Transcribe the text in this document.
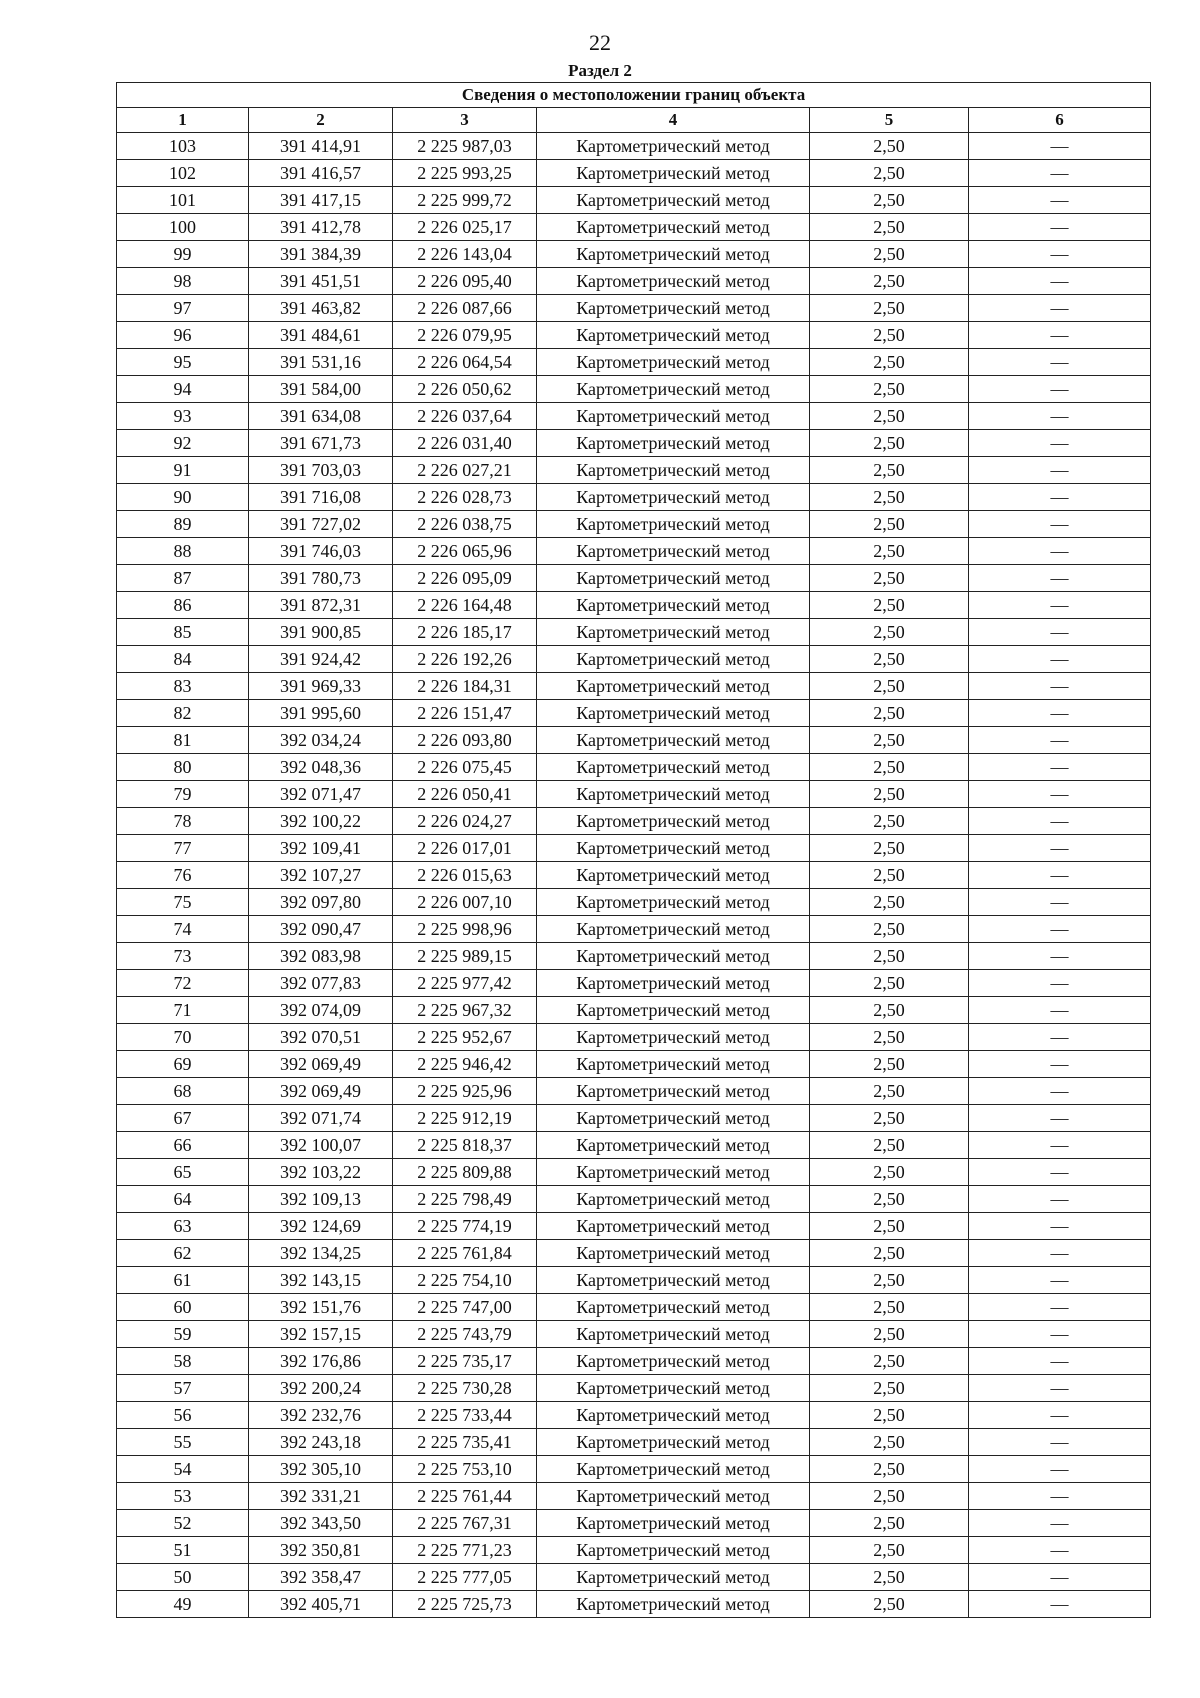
22
Раздел 2
Сведения о местоположении границ объекта					
1	2	3	4	5	6
103	391 414,91	2 225 987,03	Картометрический метод	2,50	—
102	391 416,57	2 225 993,25	Картометрический метод	2,50	—
101	391 417,15	2 225 999,72	Картометрический метод	2,50	—
100	391 412,78	2 226 025,17	Картометрический метод	2,50	—
99	391 384,39	2 226 143,04	Картометрический метод	2,50	—
98	391 451,51	2 226 095,40	Картометрический метод	2,50	—
97	391 463,82	2 226 087,66	Картометрический метод	2,50	—
96	391 484,61	2 226 079,95	Картометрический метод	2,50	—
95	391 531,16	2 226 064,54	Картометрический метод	2,50	—
94	391 584,00	2 226 050,62	Картометрический метод	2,50	—
93	391 634,08	2 226 037,64	Картометрический метод	2,50	—
92	391 671,73	2 226 031,40	Картометрический метод	2,50	—
91	391 703,03	2 226 027,21	Картометрический метод	2,50	—
90	391 716,08	2 226 028,73	Картометрический метод	2,50	—
89	391 727,02	2 226 038,75	Картометрический метод	2,50	—
88	391 746,03	2 226 065,96	Картометрический метод	2,50	—
87	391 780,73	2 226 095,09	Картометрический метод	2,50	—
86	391 872,31	2 226 164,48	Картометрический метод	2,50	—
85	391 900,85	2 226 185,17	Картометрический метод	2,50	—
84	391 924,42	2 226 192,26	Картометрический метод	2,50	—
83	391 969,33	2 226 184,31	Картометрический метод	2,50	—
82	391 995,60	2 226 151,47	Картометрический метод	2,50	—
81	392 034,24	2 226 093,80	Картометрический метод	2,50	—
80	392 048,36	2 226 075,45	Картометрический метод	2,50	—
79	392 071,47	2 226 050,41	Картометрический метод	2,50	—
78	392 100,22	2 226 024,27	Картометрический метод	2,50	—
77	392 109,41	2 226 017,01	Картометрический метод	2,50	—
76	392 107,27	2 226 015,63	Картометрический метод	2,50	—
75	392 097,80	2 226 007,10	Картометрический метод	2,50	—
74	392 090,47	2 225 998,96	Картометрический метод	2,50	—
73	392 083,98	2 225 989,15	Картометрический метод	2,50	—
72	392 077,83	2 225 977,42	Картометрический метод	2,50	—
71	392 074,09	2 225 967,32	Картометрический метод	2,50	—
70	392 070,51	2 225 952,67	Картометрический метод	2,50	—
69	392 069,49	2 225 946,42	Картометрический метод	2,50	—
68	392 069,49	2 225 925,96	Картометрический метод	2,50	—
67	392 071,74	2 225 912,19	Картометрический метод	2,50	—
66	392 100,07	2 225 818,37	Картометрический метод	2,50	—
65	392 103,22	2 225 809,88	Картометрический метод	2,50	—
64	392 109,13	2 225 798,49	Картометрический метод	2,50	—
63	392 124,69	2 225 774,19	Картометрический метод	2,50	—
62	392 134,25	2 225 761,84	Картометрический метод	2,50	—
61	392 143,15	2 225 754,10	Картометрический метод	2,50	—
60	392 151,76	2 225 747,00	Картометрический метод	2,50	—
59	392 157,15	2 225 743,79	Картометрический метод	2,50	—
58	392 176,86	2 225 735,17	Картометрический метод	2,50	—
57	392 200,24	2 225 730,28	Картометрический метод	2,50	—
56	392 232,76	2 225 733,44	Картометрический метод	2,50	—
55	392 243,18	2 225 735,41	Картометрический метод	2,50	—
54	392 305,10	2 225 753,10	Картометрический метод	2,50	—
53	392 331,21	2 225 761,44	Картометрический метод	2,50	—
52	392 343,50	2 225 767,31	Картометрический метод	2,50	—
51	392 350,81	2 225 771,23	Картометрический метод	2,50	—
50	392 358,47	2 225 777,05	Картометрический метод	2,50	—
49	392 405,71	2 225 725,73	Картометрический метод	2,50	—
